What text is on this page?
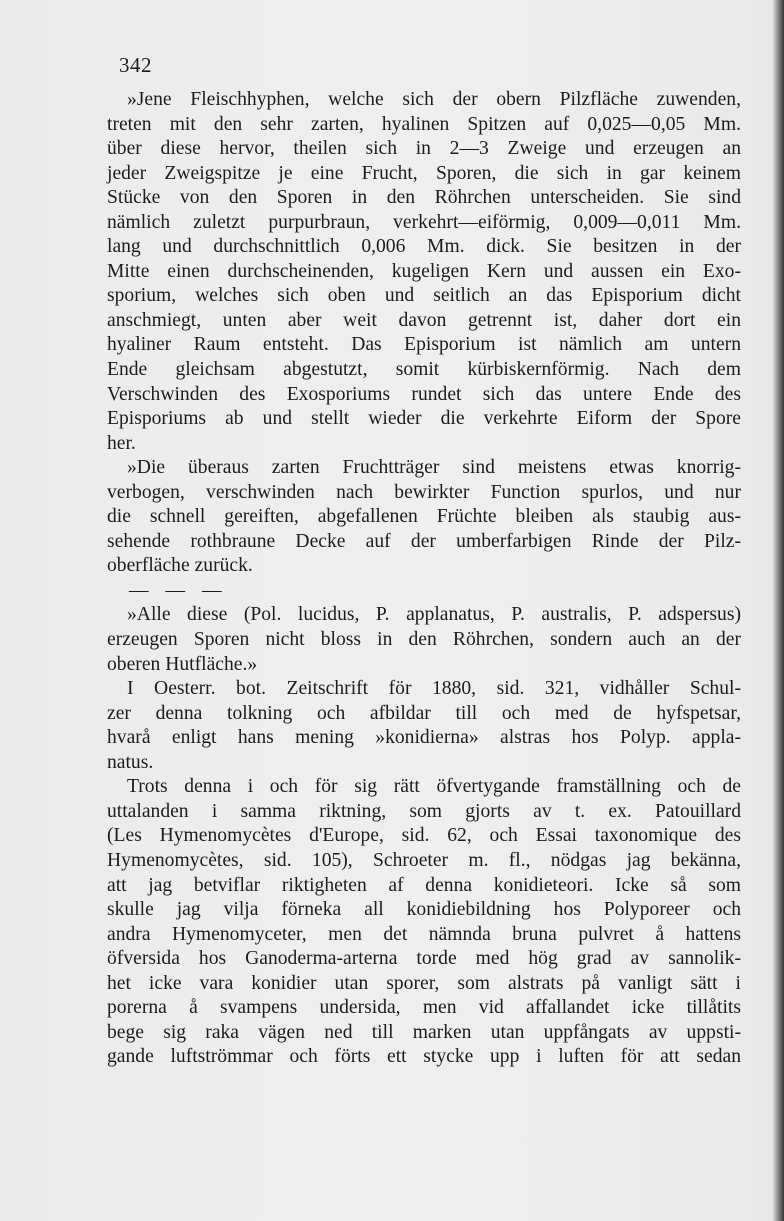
342
»Jene Fleischhyphen, welche sich der obern Pilzfläche zuwenden,
treten mit den sehr zarten, hyalinen Spitzen auf 0,025—0,05 Mm.
über diese hervor, theilen sich in 2—3 Zweige und erzeugen an
jeder Zweigspitze je eine Frucht, Sporen, die sich in gar keinem
Stücke von den Sporen in den Röhrchen unterscheiden. Sie sind
nämlich zuletzt purpurbraun, verkehrt—eiförmig, 0,009—0,011 Mm.
lang und durchschnittlich 0,006 Mm. dick. Sie besitzen in der
Mitte einen durchscheinenden, kugeligen Kern und aussen ein Exo-
sporium, welches sich oben und seitlich an das Episporium dicht
anschmiegt, unten aber weit davon getrennt ist, daher dort ein
hyaliner Raum entsteht. Das Episporium ist nämlich am untern
Ende gleichsam abgestutzt, somit kürbiskernförmig. Nach dem
Verschwinden des Exosporiums rundet sich das untere Ende des
Episporiums ab und stellt wieder die verkehrte Eiform der Spore
her.
»Die überaus zarten Fruchtträger sind meistens etwas knorrig-
verbogen, verschwinden nach bewirkter Function spurlos, und nur
die schnell gereiften, abgefallenen Früchte bleiben als staubig aus-
sehende rothbraune Decke auf der umberfarbigen Rinde der Pilz-
oberfläche zurück.
— — —
»Alle diese (Pol. lucidus, P. applanatus, P. australis, P. adspersus)
erzeugen Sporen nicht bloss in den Röhrchen, sondern auch an der
oberen Hutfläche.»
I Oesterr. bot. Zeitschrift för 1880, sid. 321, vidhåller Schul-
zer denna tolkning och afbildar till och med de hyfspetsar,
hvarå enligt hans mening »konidierna» alstras hos Polyp. appla-
natus.
Trots denna i och för sig rätt öfvertygande framställning och de
uttalanden i samma riktning, som gjorts av t. ex. Patouillard
(Les Hymenomycètes d'Europe, sid. 62, och Essai taxonomique des
Hymenomycètes, sid. 105), Schroeter m. fl., nödgas jag bekänna,
att jag betviflar riktigheten af denna konidieteori. Icke så som
skulle jag vilja förneka all konidiebildning hos Polyporeer och
andra Hymenomyceter, men det nämnda bruna pulvret å hattens
öfversida hos Ganoderma-arterna torde med hög grad av sannolik-
het icke vara konidier utan sporer, som alstrats på vanligt sätt i
porerna å svampens undersida, men vid affallandet icke tillåtits
bege sig raka vägen ned till marken utan uppfångats av uppsti-
gande luftströmmar och förts ett stycke upp i luften för att sedan
